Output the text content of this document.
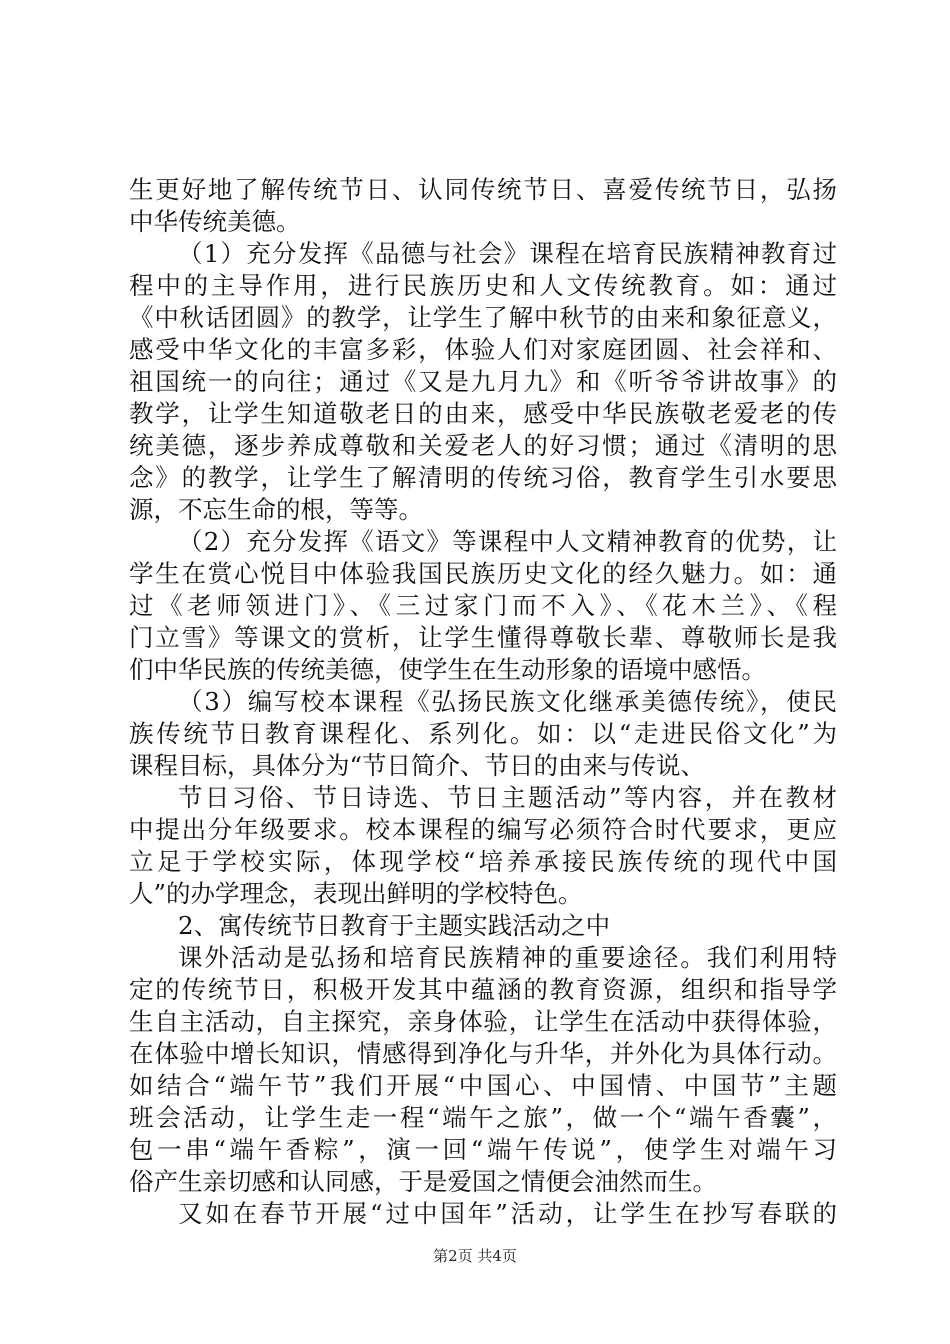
生更好地了解传统节日、认同传统节日、喜爱传统节日，弘扬
中华传统美德。
（1）充分发挥《品德与社会》课程在培育民族精神教育过
程中的主导作用，进行民族历史和人文传统教育。如：通过
《中秋话团圆》的教学，让学生了解中秋节的由来和象征意义，
感受中华文化的丰富多彩，体验人们对家庭团圆、社会祥和、
祖国统一的向往；通过《又是九月九》和《听爷爷讲故事》的
教学，让学生知道敬老日的由来，感受中华民族敬老爱老的传
统美德，逐步养成尊敬和关爱老人的好习惯；通过《清明的思
念》的教学，让学生了解清明的传统习俗，教育学生引水要思
源，不忘生命的根，等等。
（2）充分发挥《语文》等课程中人文精神教育的优势，让
学生在赏心悦目中体验我国民族历史文化的经久魅力。如：通
过《老师领进门》、《三过家门而不入》、《花木兰》、《程
门立雪》等课文的赏析，让学生懂得尊敬长辈、尊敬师长是我
们中华民族的传统美德，使学生在生动形象的语境中感悟。
（3）编写校本课程《弘扬民族文化继承美德传统》，使民
族传统节日教育课程化、系列化。如：以“走进民俗文化”为
课程目标，具体分为“节日简介、节日的由来与传说、
节日习俗、节日诗选、节日主题活动”等内容，并在教材
中提出分年级要求。校本课程的编写必须符合时代要求，更应
立足于学校实际，体现学校“培养承接民族传统的现代中国
人”的办学理念，表现出鲜明的学校特色。
2、寓传统节日教育于主题实践活动之中
课外活动是弘扬和培育民族精神的重要途径。我们利用特
定的传统节日，积极开发其中蕴涵的教育资源，组织和指导学
生自主活动，自主探究，亲身体验，让学生在活动中获得体验，
在体验中增长知识，情感得到净化与升华，并外化为具体行动。
如结合“端午节”我们开展“中国心、中国情、中国节”主题
班会活动，让学生走一程“端午之旅”，做一个“端午香囊”，
包一串“端午香粽”，演一回“端午传说”，使学生对端午习
俗产生亲切感和认同感，于是爱国之情便会油然而生。
又如在春节开展“过中国年”活动，让学生在抄写春联的
第2页 共4页
